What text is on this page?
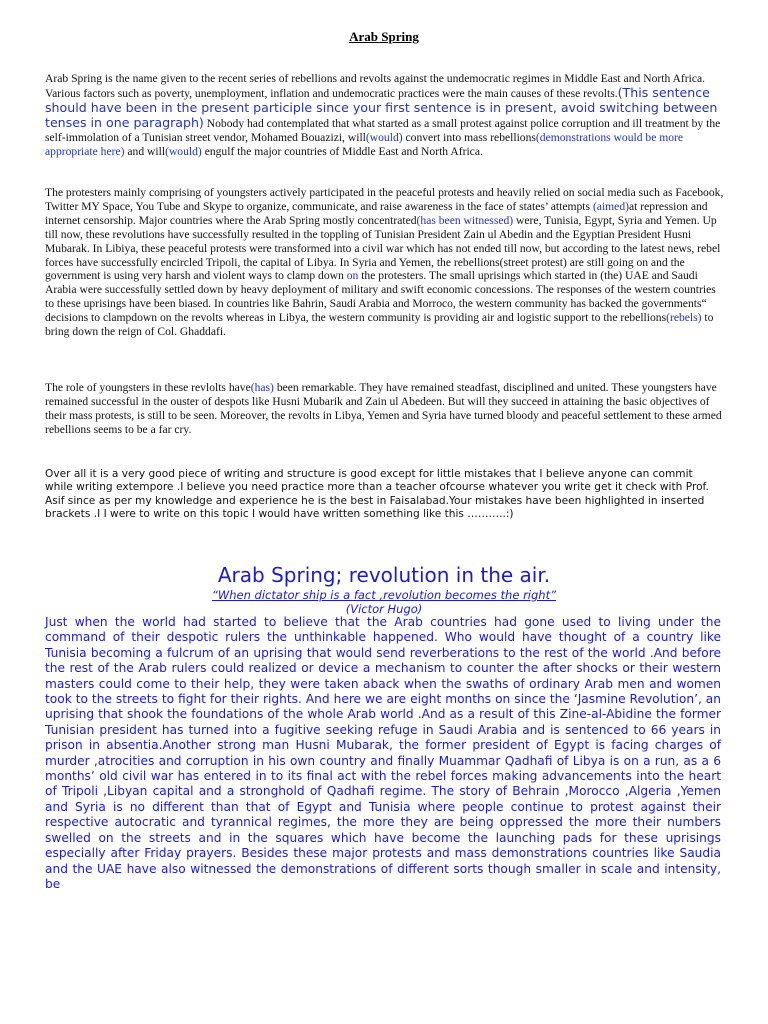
Arab Spring

Arab Spring is the name given to the recent series of rebellions and revolts against the undemocratic regimes in Middle East and North Africa. Various factors such as poverty, unemployment, inflation and undemocratic practices were the main causes of these revolts.(This sentence should have been in the present participle since your first sentence is in present, avoid switching between tenses in one paragraph) Nobody had contemplated that what started as a small protest against police corruption and ill treatment by the self-immolation of a Tunisian street vendor, Mohamed Bouazizi, will(would) convert into mass rebellions(demonstrations would be more appropriate here) and will(would) engulf the major countries of Middle East and North Africa.

The protesters mainly comprising of youngsters actively participated in the peaceful protests and heavily relied on social media such as Facebook, Twitter MY Space, You Tube and Skype to organize, communicate, and raise awareness in the face of states’ attempts (aimed)at repression and internet censorship. Major countries where the Arab Spring mostly concentrated(has been witnessed) were, Tunisia, Egypt, Syria and Yemen. Up till now, these revolutions have successfully resulted in the toppling of Tunisian President Zain ul Abedin and the Egyptian President Husni Mubarak. In Libiya, these peaceful protests were transformed into a civil war which has not ended till now, but according to the latest news, rebel forces have successfully encircled Tripoli, the capital of Libya. In Syria and Yemen, the rebellions(street protest) are still going on and the government is using very harsh and violent ways to clamp down on the protesters. The small uprisings which started in (the) UAE and Saudi Arabia were successfully settled down by heavy deployment of military and swift economic concessions. The responses of the western countries to these uprisings have been biased. In countries like Bahrin, Saudi Arabia and Morroco, the western community has backed the governments“ decisions to clampdown on the revolts whereas in Libya, the western community is providing air and logistic support to the rebellions(rebels) to bring down the reign of Col. Ghaddafi.

The role of youngsters in these revlolts have(has) been remarkable. They have remained steadfast, disciplined and united. These youngsters have remained successful in the ouster of despots like Husni Mubarik and Zain ul Abedeen. But will they succeed in attaining the basic objectives of their mass protests, is still to be seen. Moreover, the revolts in Libya, Yemen and Syria have turned bloody and peaceful settlement to these armed rebellions seems to be a far cry.

Over all it is a very good piece of writing and structure is good except for little mistakes that I believe anyone can commit while writing extempore .I believe you need practice more than a teacher ofcourse whatever you write get it check with Prof. Asif since as per my knowledge and experience he is the best in Faisalabad.Your mistakes have been highlighted in inserted brackets .I I were to write on this topic I would have written something like this ………..:)
Arab Spring; revolution in the air.
“When dictator ship is a fact ,revolution becomes the right”
(Victor Hugo)
Just when the world had started to believe that the Arab countries had gone used to living under the command of their despotic rulers the unthinkable happened. Who would have thought of a country like Tunisia becoming a fulcrum of an uprising that would send reverberations to the rest of the world .And before the rest of the Arab rulers could realized or device a mechanism to counter the after shocks or their western masters could come to their help, they were taken aback when the swaths of ordinary Arab men and women took to the streets to fight for their rights. And here we are eight months on since the ‘Jasmine Revolution’, an uprising that shook the foundations of the whole Arab world .And as a result of this Zine-al-Abidine the former Tunisian president has turned into a fugitive seeking refuge in Saudi Arabia and is sentenced to 66 years in prison in absentia.Another strong man Husni Mubarak, the former president of Egypt is facing charges of murder ,atrocities and corruption in his own country and finally Muammar Qadhafi of Libya is on a run, as a 6 months’ old civil war has entered in to its final act with the rebel forces making advancements into the heart of Tripoli ,Libyan capital and a stronghold of Qadhafi regime. The story of Behrain ,Morocco ,Algeria ,Yemen and Syria is no different than that of Egypt and Tunisia where people continue to protest against their respective autocratic and tyrannical regimes, the more they are being oppressed the more their numbers swelled on the streets and in the squares which have become the launching pads for these uprisings especially after Friday prayers. Besides these major protests and mass demonstrations countries like Saudia and the UAE have also witnessed the demonstrations of different sorts though smaller in scale and intensity, be
